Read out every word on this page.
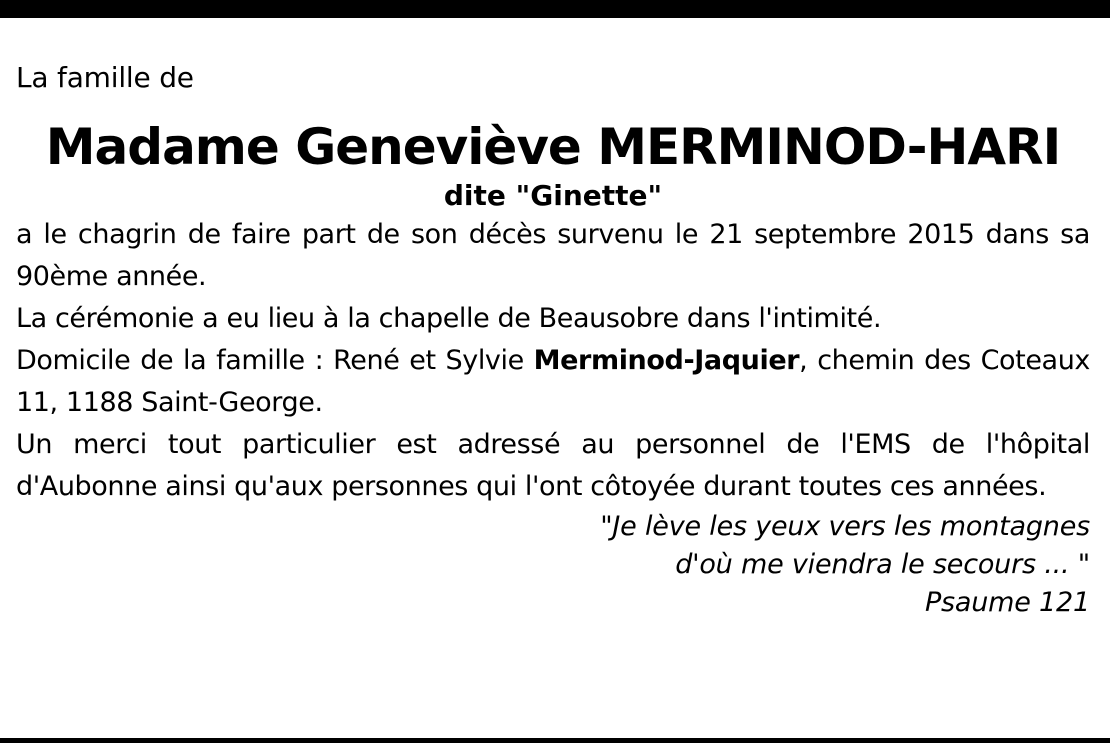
La famille de

Madame Geneviève MERMINOD-HARI

dite "Ginette"

a le chagrin de faire part de son décès survenu le 21 septembre 2015 dans sa 90ème année.

La cérémonie a eu lieu à la chapelle de Beausobre dans l'intimité.

Domicile de la famille : René et Sylvie Merminod-Jaquier, chemin des Coteaux 11, 1188 Saint-George.

Un merci tout particulier est adressé au personnel de l'EMS de l'hôpital d'Aubonne ainsi qu'aux personnes qui l'ont côtoyée durant toutes ces années.

"Je lève les yeux vers les montagnes

d'où me viendra le secours ... "

Psaume 121
